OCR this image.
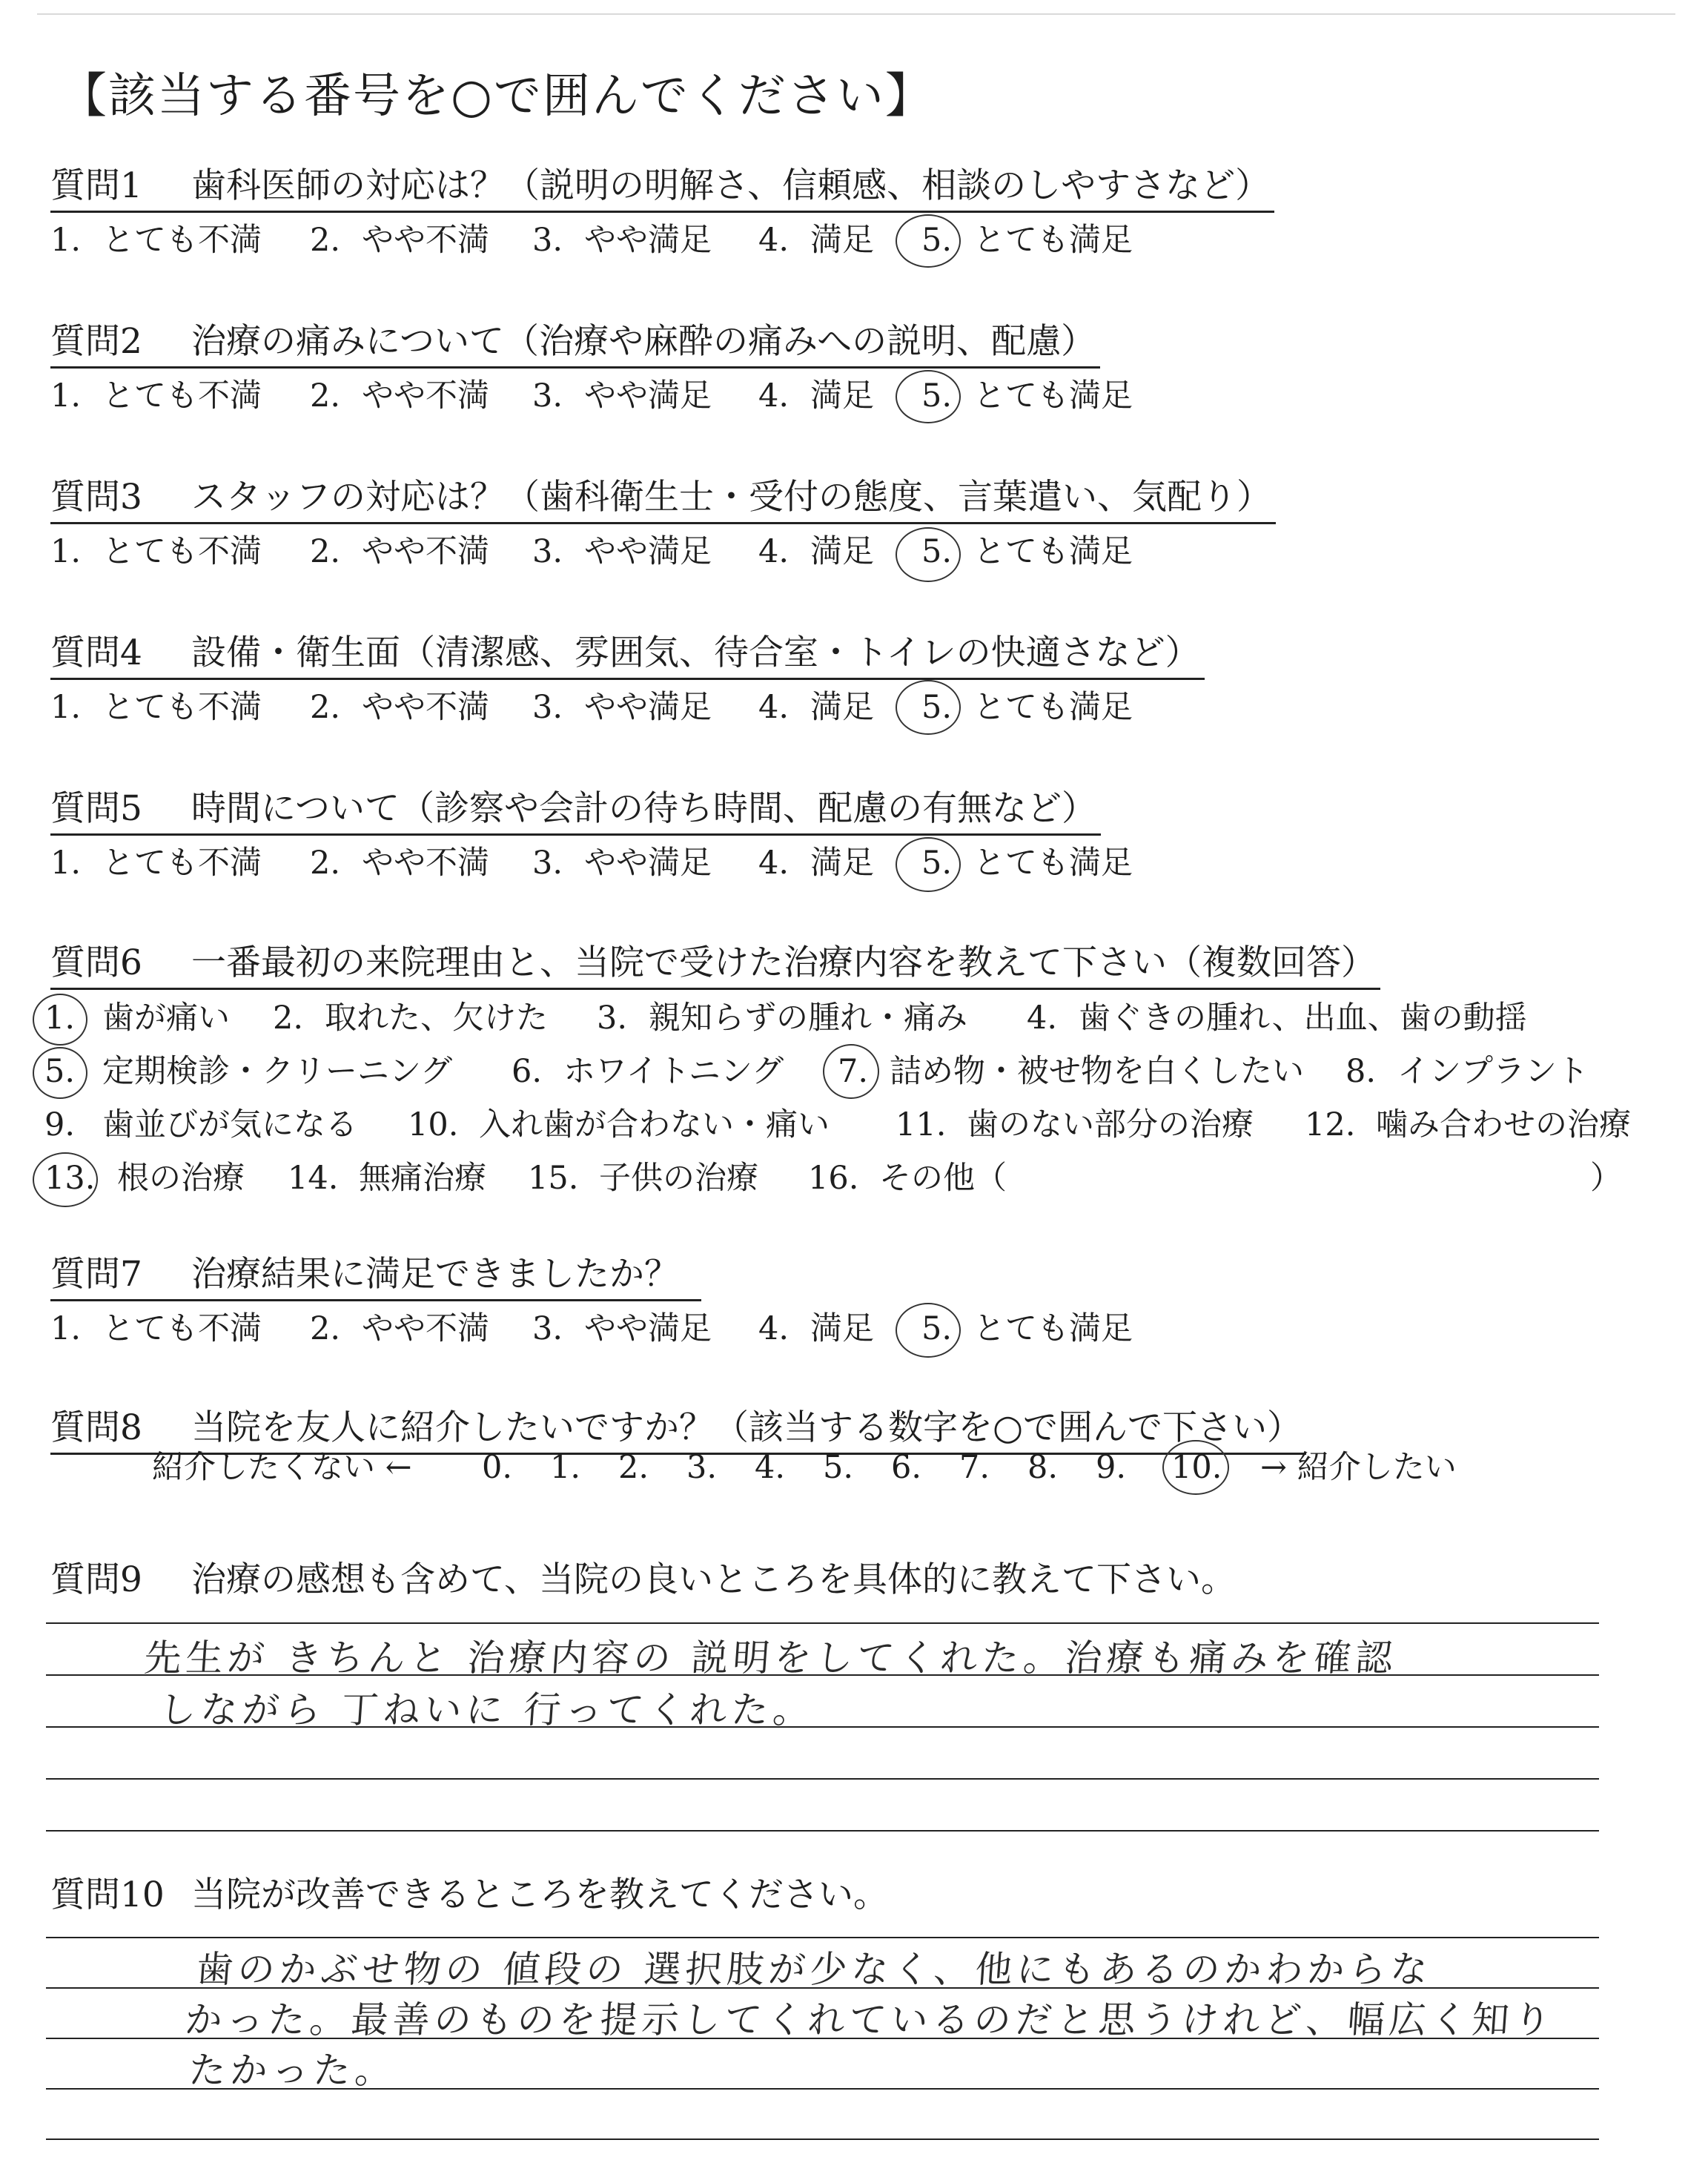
【該当する番号を○で囲んでください】
質問1 歯科医師の対応は？（説明の明解さ、信頼感、相談のしやすさなど）
1. とても不満 2. やや不満 3. やや満足 4. 満足 5. とても満足
質問2 治療の痛みについて（治療や麻酔の痛みへの説明、配慮）
1. とても不満 2. やや不満 3. やや満足 4. 満足 5. とても満足
質問3 スタッフの対応は？（歯科衛生士・受付の態度、言葉遣い、気配り）
1. とても不満 2. やや不満 3. やや満足 4. 満足 5. とても満足
質問4 設備・衛生面（清潔感、雰囲気、待合室・トイレの快適さなど）
1. とても不満 2. やや不満 3. やや満足 4. 満足 5. とても満足
質問5 時間について（診察や会計の待ち時間、配慮の有無など）
1. とても不満 2. やや不満 3. やや満足 4. 満足 5. とても満足
質問6 一番最初の来院理由と、当院で受けた治療内容を教えて下さい（複数回答）
1. 歯が痛い 2. 取れた、欠けた 3. 親知らずの腫れ・痛み 4. 歯ぐきの腫れ、出血、歯の動揺
5. 定期検診・クリーニング 6. ホワイトニング 7. 詰め物・被せ物を白くしたい 8. インプラント
9. 歯並びが気になる 10. 入れ歯が合わない・痛い 11. 歯のない部分の治療 12. 噛み合わせの治療
13. 根の治療 14. 無痛治療 15. 子供の治療 16. その他（	）
質問7 治療結果に満足できましたか？
1. とても不満 2. やや不満 3. やや満足 4. 満足 5. とても満足
質問8 当院を友人に紹介したいですか？（該当する数字を○で囲んで下さい）
紹介したくない ← 0. 1. 2. 3. 4. 5. 6. 7. 8. 9. 10. → 紹介したい
質問9 治療の感想も含めて、当院の良いところを具体的に教えて下さい。
先生が きちんと 治療内容の 説明をしてくれた。治療も痛みを確認
しながら 丁ねいに 行ってくれた。
質問10 当院が改善できるところを教えてください。
歯のかぶせ物の 値段の 選択肢が少なく、他にもあるのかわからな
かった。最善のものを提示してくれているのだと思うけれど、幅広く知り
たかった。
